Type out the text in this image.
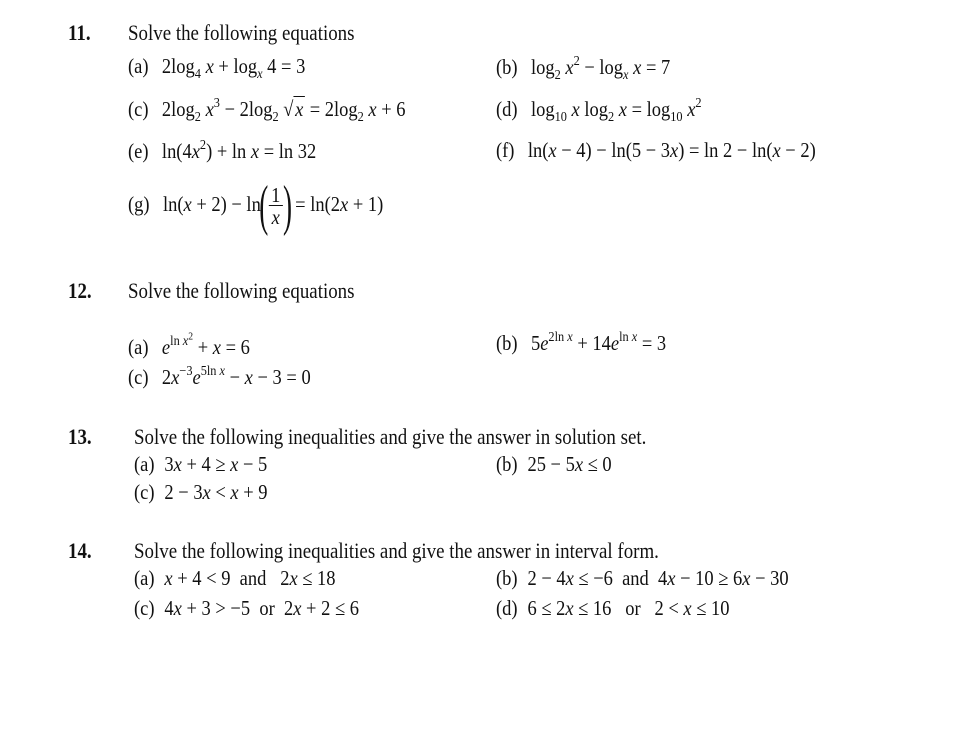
11. Solve the following equations
(a) $2\log_4$ $x + \log_x 4 = 3$	(b) $\log_2 x^2 - \log_x x = 7$
(c) $2\log_2$ $x^3 - 2\log_2$ $√x = 2\log_2$ x + 6	(d) $\log_{10} x$ $\log_2 x = \log_{10} x^2$
(e) $\ln(4x^2) + \ln x = \ln 32$	(f) ln(x − 4) − ln(5 − 3x) = ln 2 − ln(x − 2)
(g) $\ln(x + 2) - \ln( \frac{1}{x}$ ) = ln(2x + 1)
12. Solve the following equations
(a) $e^{ln x^2} + x = 6$	(b) $5e^{2ln x} + 14e^{ln x} = 3$
(c) $2x^{-3}e^{5ln x} - x - 3 = 0$
13. Solve the following inequalities and give the answer in solution set.
(a) 3x + 4 ≥ x − 5	(b) 25 − 5x ≤ 0
(c) 2 − 3x < x + 9
14. Solve the following inequalities and give the answer in interval form.
(a) x + 4 < 9  and   2x ≤ 18	(b) 2 − 4x ≤ −6  and  4x − 10 ≥ 6x − 30
(c) 4x + 3 > −5  or  2x + 2 ≤ 6	(d) 6 ≤ 2x ≤ 16   or   2 < x ≤ 10
